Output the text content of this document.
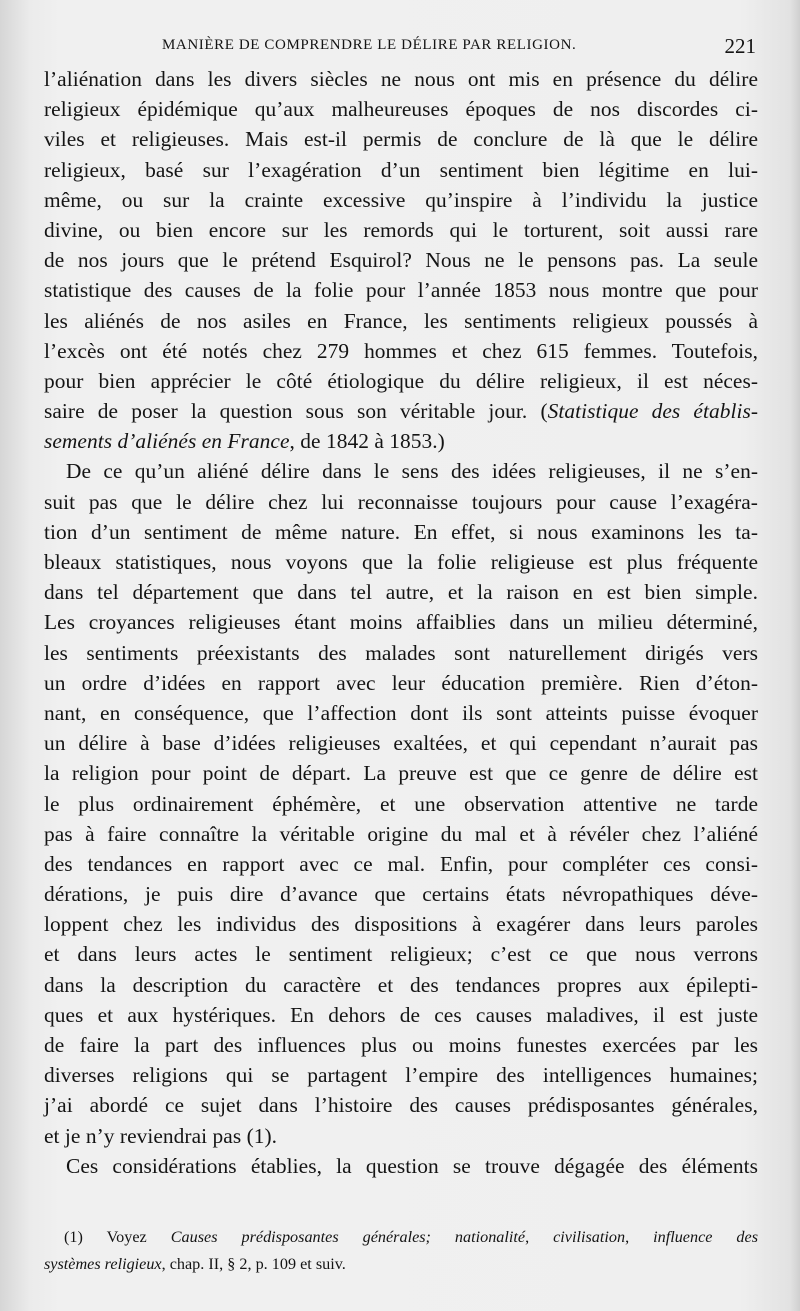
MANIÈRE DE COMPRENDRE LE DÉLIRE PAR RELIGION.	221
l’aliénation dans les divers siècles ne nous ont mis en présence du délire
religieux épidémique qu’aux malheureuses époques de nos discordes ci-
viles et religieuses. Mais est-il permis de conclure de là que le délire
religieux, basé sur l’exagération d’un sentiment bien légitime en lui-
même, ou sur la crainte excessive qu’inspire à l’individu la justice
divine, ou bien encore sur les remords qui le torturent, soit aussi rare
de nos jours que le prétend Esquirol? Nous ne le pensons pas. La seule
statistique des causes de la folie pour l’année 1853 nous montre que pour
les aliénés de nos asiles en France, les sentiments religieux poussés à
l’excès ont été notés chez 279 hommes et chez 615 femmes. Toutefois,
pour bien apprécier le côté étiologique du délire religieux, il est néces-
saire de poser la question sous son véritable jour. (Statistique des établis-
sements d’aliénés en France, de 1842 à 1853.)
De ce qu’un aliéné délire dans le sens des idées religieuses, il ne s’en-
suit pas que le délire chez lui reconnaisse toujours pour cause l’exagéra-
tion d’un sentiment de même nature. En effet, si nous examinons les ta-
bleaux statistiques, nous voyons que la folie religieuse est plus fréquente
dans tel département que dans tel autre, et la raison en est bien simple.
Les croyances religieuses étant moins affaiblies dans un milieu déterminé,
les sentiments préexistants des malades sont naturellement dirigés vers
un ordre d’idées en rapport avec leur éducation première. Rien d’éton-
nant, en conséquence, que l’affection dont ils sont atteints puisse évoquer
un délire à base d’idées religieuses exaltées, et qui cependant n’aurait pas
la religion pour point de départ. La preuve est que ce genre de délire est
le plus ordinairement éphémère, et une observation attentive ne tarde
pas à faire connaître la véritable origine du mal et à révéler chez l’aliéné
des tendances en rapport avec ce mal. Enfin, pour compléter ces consi-
dérations, je puis dire d’avance que certains états névropathiques déve-
loppent chez les individus des dispositions à exagérer dans leurs paroles
et dans leurs actes le sentiment religieux; c’est ce que nous verrons
dans la description du caractère et des tendances propres aux épilepti-
ques et aux hystériques. En dehors de ces causes maladives, il est juste
de faire la part des influences plus ou moins funestes exercées par les
diverses religions qui se partagent l’empire des intelligences humaines;
j’ai abordé ce sujet dans l’histoire des causes prédisposantes générales,
et je n’y reviendrai pas (1).
Ces considérations établies, la question se trouve dégagée des éléments
(1) Voyez Causes prédisposantes générales; nationalité, civilisation, influence des
systèmes religieux, chap. II, § 2, p. 109 et suiv.
